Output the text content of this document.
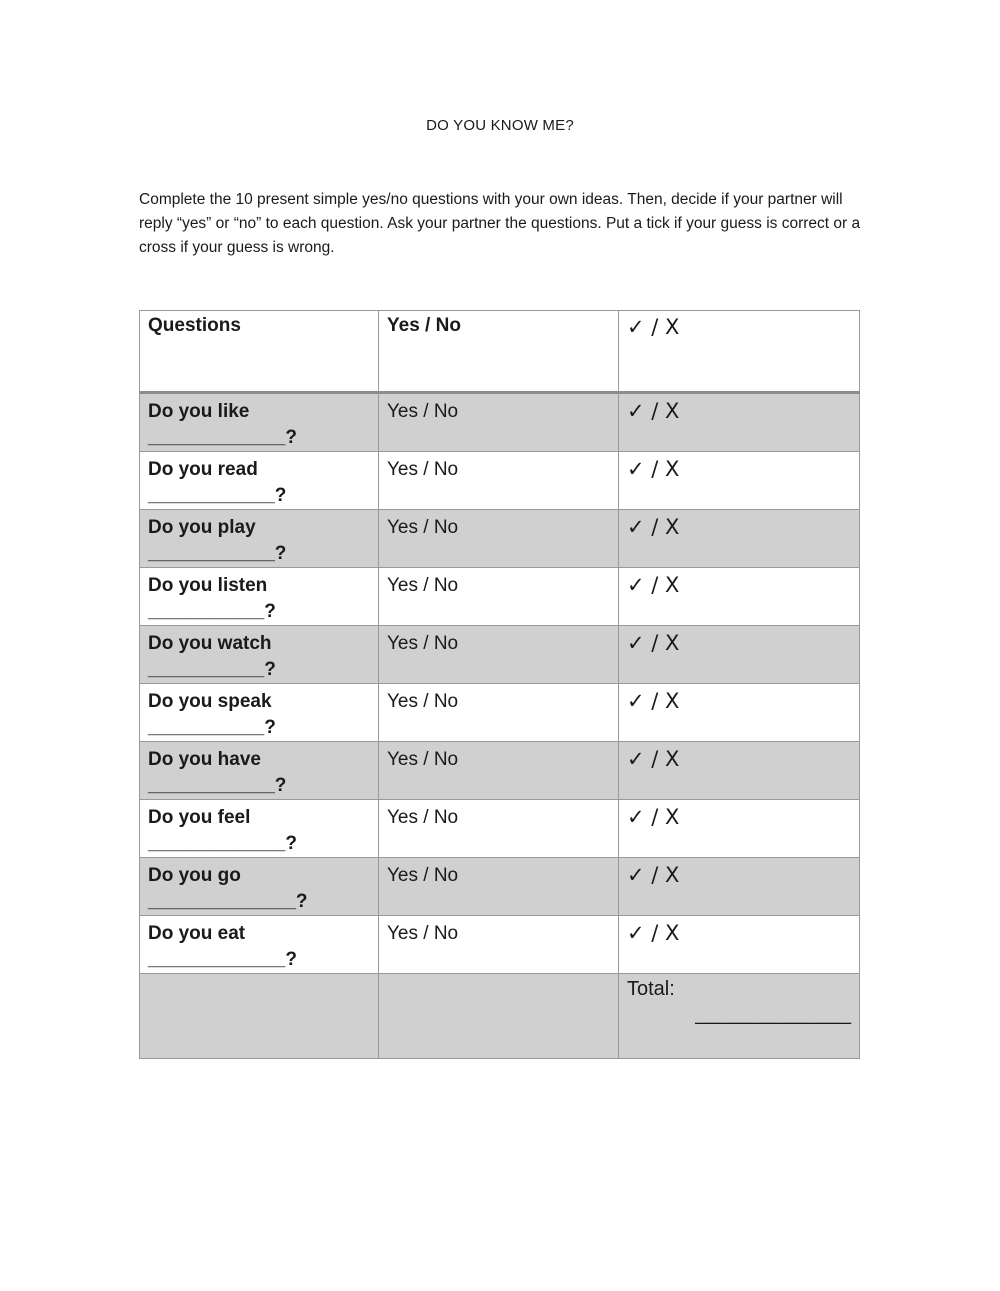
DO YOU KNOW ME?
Complete the 10 present simple yes/no questions with your own ideas. Then, decide if your partner will reply “yes” or “no” to each question. Ask your partner the questions. Put a tick if your guess is correct or a cross if your guess is wrong.
Questions	Yes / No	✓ / X

Do you like
_____________?	Yes / No	✓ / X

Do you read
____________?	Yes / No	✓ / X

Do you play
____________?	Yes / No	✓ / X

Do you listen
___________?	Yes / No	✓ / X

Do you watch
___________?	Yes / No	✓ / X

Do you speak
___________?	Yes / No	✓ / X

Do you have
____________?	Yes / No	✓ / X

Do you feel
_____________?	Yes / No	✓ / X

Do you go
______________?	Yes / No	✓ / X

Do you eat
_____________?	Yes / No	✓ / X

		Total:
______________
